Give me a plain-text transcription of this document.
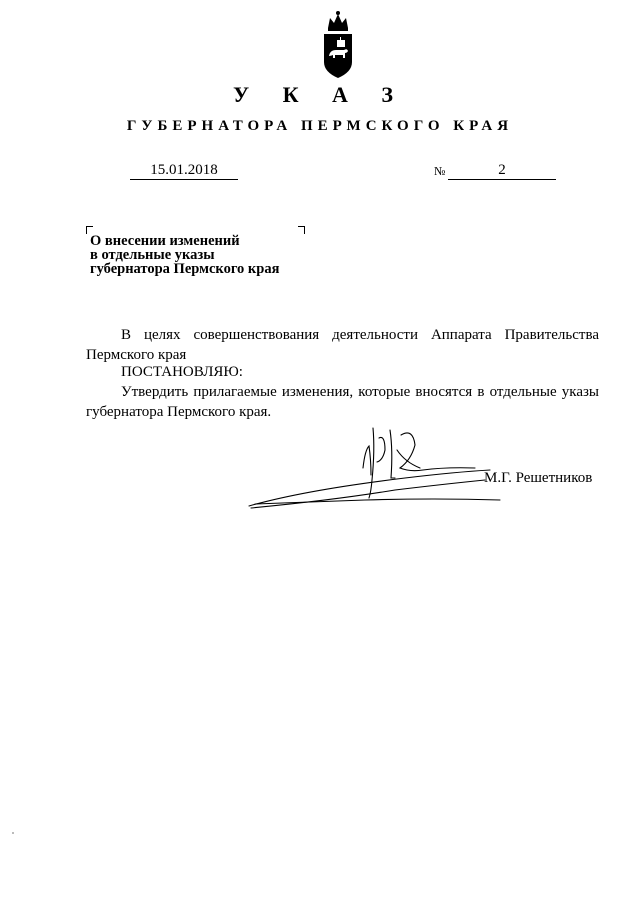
У К А З
ГУБЕРНАТОРА ПЕРМСКОГО КРАЯ
15.01.2018	№	2
О внесении изменений
в отдельные указы
губернатора Пермского края
В целях совершенствования деятельности Аппарата Правительства Пермского края
ПОСТАНОВЛЯЮ:
Утвердить прилагаемые изменения, которые вносятся в отдельные указы губернатора Пермского края.
М.Г. Решетников
